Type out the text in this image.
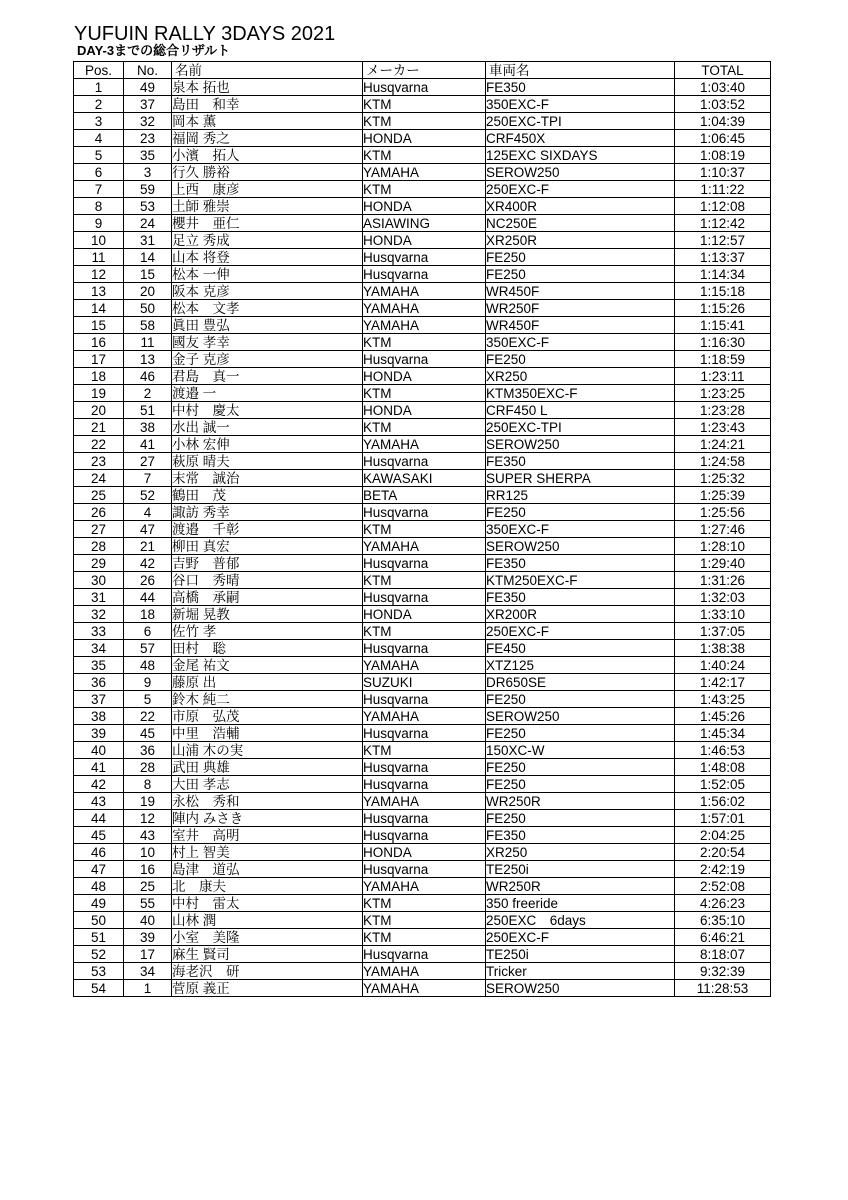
YUFUIN RALLY 3DAYS 2021
DAY-3までの総合リザルト
Pos.	No.	名前	メーカー	車両名	TOTAL
1	49	泉本 拓也	Husqvarna	FE350	1:03:40
2	37	島田　和幸	KTM	350EXC-F	1:03:52
3	32	岡本 薫	KTM	250EXC-TPI	1:04:39
4	23	福岡 秀之	HONDA	CRF450X	1:06:45
5	35	小濱　拓人	KTM	125EXC SIXDAYS	1:08:19
6	3	行久 勝裕	YAMAHA	SEROW250	1:10:37
7	59	上西　康彦	KTM	250EXC-F	1:11:22
8	53	土師 雅崇	HONDA	XR400R	1:12:08
9	24	櫻井　亜仁	ASIAWING	NC250E	1:12:42
10	31	足立 秀成	HONDA	XR250R	1:12:57
11	14	山本 将登	Husqvarna	FE250	1:13:37
12	15	松本 一伸	Husqvarna	FE250	1:14:34
13	20	阪本 克彦	YAMAHA	WR450F	1:15:18
14	50	松本　文孝	YAMAHA	WR250F	1:15:26
15	58	眞田 豊弘	YAMAHA	WR450F	1:15:41
16	11	國友 孝幸	KTM	350EXC-F	1:16:30
17	13	金子 克彦	Husqvarna	FE250	1:18:59
18	46	君島　真一	HONDA	XR250	1:23:11
19	2	渡邉 一	KTM	KTM350EXC-F	1:23:25
20	51	中村　慶太	HONDA	CRF450 L	1:23:28
21	38	水出 誠一	KTM	250EXC-TPI	1:23:43
22	41	小林 宏伸	YAMAHA	SEROW250	1:24:21
23	27	萩原 晴夫	Husqvarna	FE350	1:24:58
24	7	末常　誠治	KAWASAKI	SUPER SHERPA	1:25:32
25	52	鶴田　茂	BETA	RR125	1:25:39
26	4	諏訪 秀幸	Husqvarna	FE250	1:25:56
27	47	渡邉　千彰	KTM	350EXC-F	1:27:46
28	21	柳田 真宏	YAMAHA	SEROW250	1:28:10
29	42	吉野　普郁	Husqvarna	FE350	1:29:40
30	26	谷口　秀晴	KTM	KTM250EXC-F	1:31:26
31	44	高橋　承嗣	Husqvarna	FE350	1:32:03
32	18	新堀 晃教	HONDA	XR200R	1:33:10
33	6	佐竹 孝	KTM	250EXC-F	1:37:05
34	57	田村　聡	Husqvarna	FE450	1:38:38
35	48	金尾 祐文	YAMAHA	XTZ125	1:40:24
36	9	藤原 出	SUZUKI	DR650SE	1:42:17
37	5	鈴木 純二	Husqvarna	FE250	1:43:25
38	22	市原　弘茂	YAMAHA	SEROW250	1:45:26
39	45	中里　浩輔	Husqvarna	FE250	1:45:34
40	36	山浦 木の実	KTM	150XC-W	1:46:53
41	28	武田 典雄	Husqvarna	FE250	1:48:08
42	8	大田 孝志	Husqvarna	FE250	1:52:05
43	19	永松　秀和	YAMAHA	WR250R	1:56:02
44	12	陣内 みさき	Husqvarna	FE250	1:57:01
45	43	室井　高明	Husqvarna	FE350	2:04:25
46	10	村上 智美	HONDA	XR250	2:20:54
47	16	島津　道弘	Husqvarna	TE250i	2:42:19
48	25	北　康夫	YAMAHA	WR250R	2:52:08
49	55	中村　雷太	KTM	350 freeride	4:26:23
50	40	山林 潤	KTM	250EXC　6days	6:35:10
51	39	小室　美隆	KTM	250EXC-F	6:46:21
52	17	麻生 賢司	Husqvarna	TE250i	8:18:07
53	34	海老沢　研	YAMAHA	Tricker	9:32:39
54	1	菅原 義正	YAMAHA	SEROW250	11:28:53
